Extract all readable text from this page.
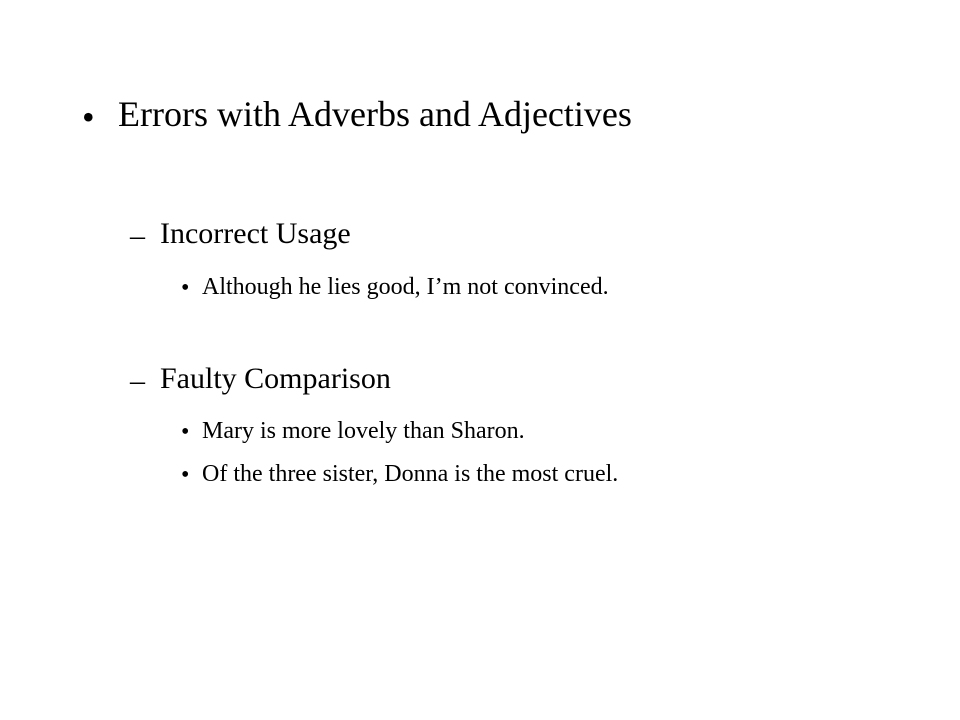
• Errors with Adverbs and Adjectives
– Incorrect Usage
• Although he lies good, I’m not convinced.
– Faulty Comparison
• Mary is more lovely than Sharon.
• Of the three sister, Donna is the most cruel.
